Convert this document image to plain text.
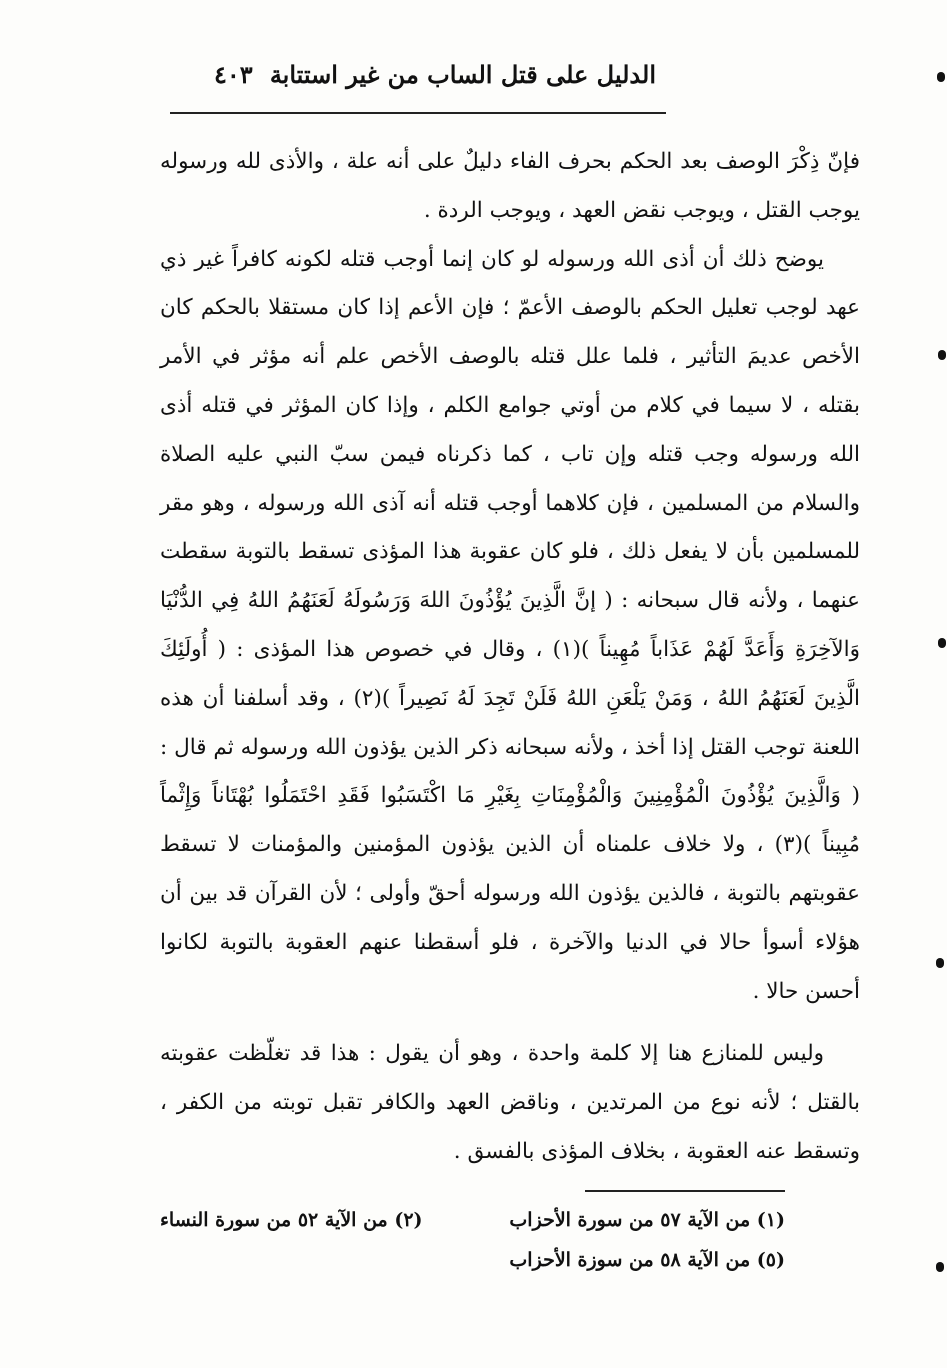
الدليل على قتل الساب من غير استتابة
٤٠٣

فإنّ ذِكْرَ الوصف بعد الحكم بحرف الفاء دليلٌ على أنه علة ، والأذى لله ورسوله يوجب القتل ، ويوجب نقض العهد ، ويوجب الردة .

يوضح ذلك أن أذى الله ورسوله لو كان إنما أوجب قتله لكونه كافراً غير ذي عهد لوجب تعليل الحكم بالوصف الأعمّ ؛ فإن الأعم إذا كان مستقلا بالحكم كان الأخص عديمَ التأثير ، فلما علل قتله بالوصف الأخص علم أنه مؤثر في الأمر بقتله ، لا سيما في كلام من أوتي جوامع الكلم ، وإذا كان المؤثر في قتله أذى الله ورسوله وجب قتله وإن تاب ، كما ذكرناه فيمن سبّ النبي عليه الصلاة والسلام من المسلمين ، فإن كلاهما أوجب قتله أنه آذى الله ورسوله ، وهو مقر للمسلمين بأن لا يفعل ذلك ، فلو كان عقوبة هذا المؤذى تسقط بالتوبة سقطت عنهما ، ولأنه قال سبحانه : ( إنَّ الَّذِينَ يُؤْذُونَ اللهَ وَرَسُولَهُ لَعَنَهُمُ اللهُ فِي الدُّنْيَا وَالآخِرَةِ وَأَعَدَّ لَهُمْ عَذَاباً مُهِيناً )(١) ، وقال في خصوص هذا المؤذى : ( أُولَئِكَ الَّذِينَ لَعَنَهُمُ اللهُ ، وَمَنْ يَلْعَنِ اللهُ فَلَنْ تَجِدَ لَهُ نَصِيراً )(٢) ، وقد أسلفنا أن هذه اللعنة توجب القتل إذا أخذ ، ولأنه سبحانه ذكر الذين يؤذون الله ورسوله ثم قال : ( وَالَّذِينَ يُؤْذُونَ الْمُؤْمِنِينَ وَالْمُؤْمِنَاتِ بِغَيْرِ مَا اكْتَسَبُوا فَقَدِ احْتَمَلُوا بُهْتَاناً وَإِثْماً مُبِيناً )(٣) ، ولا خلاف علمناه أن الذين يؤذون المؤمنين والمؤمنات لا تسقط عقوبتهم بالتوبة ، فالذين يؤذون الله ورسوله أحقّ وأولى ؛ لأن القرآن قد بين أن هؤلاء أسوأ حالا في الدنيا والآخرة ، فلو أسقطنا عنهم العقوبة بالتوبة لكانوا أحسن حالا .

وليس للمنازع هنا إلا كلمة واحدة ، وهو أن يقول : هذا قد تغلّظت عقوبته بالقتل ؛ لأنه نوع من المرتدين ، وناقض العهد والكافر تقبل توبته من الكفر ، وتسقط عنه العقوبة ، بخلاف المؤذى بالفسق .

(١) من الآية ٥٧ من سورة الأحزاب
(٢) من الآية ٥٢ من سورة النساء
(٥) من الآية ٥٨ من سوزة الأحزاب
